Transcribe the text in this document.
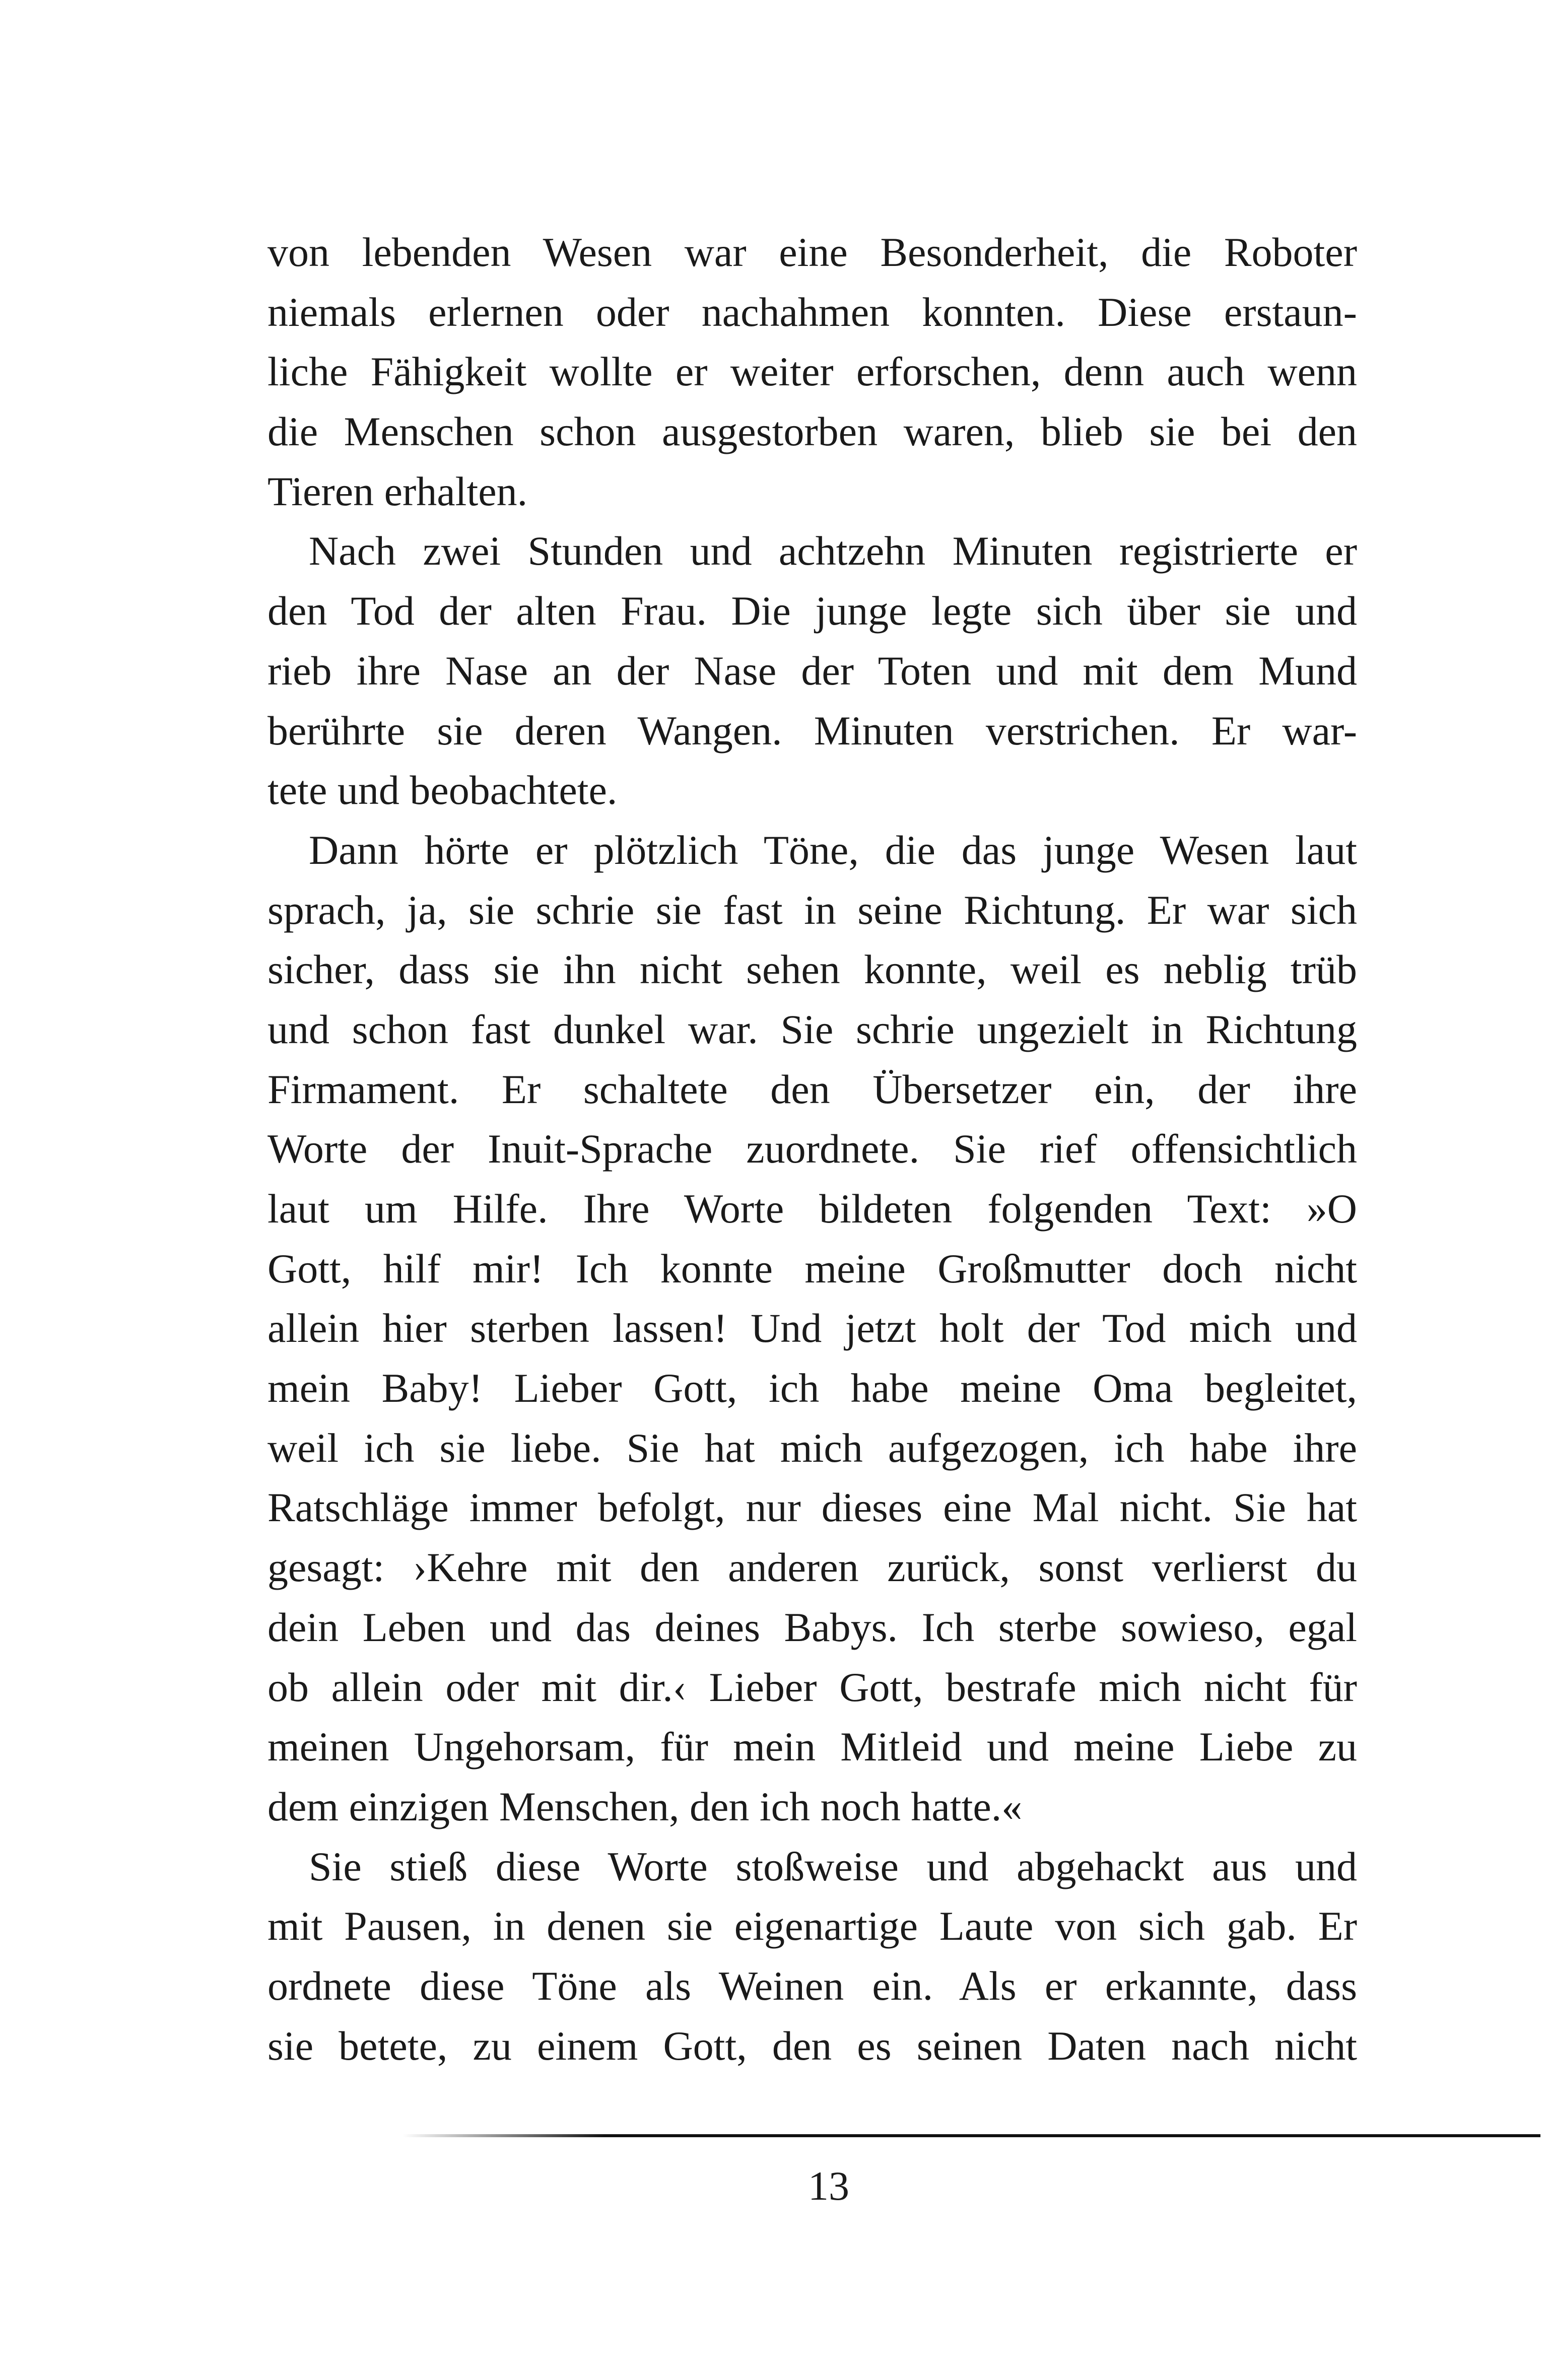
von lebenden Wesen war eine Besonderheit, die Roboter
niemals erlernen oder nachahmen konnten. Diese erstaun-
liche Fähigkeit wollte er weiter erforschen, denn auch wenn
die Menschen schon ausgestorben waren, blieb sie bei den
Tieren erhalten.
Nach zwei Stunden und achtzehn Minuten registrierte er
den Tod der alten Frau. Die junge legte sich über sie und
rieb ihre Nase an der Nase der Toten und mit dem Mund
berührte sie deren Wangen. Minuten verstrichen. Er war-
tete und beobachtete.
Dann hörte er plötzlich Töne, die das junge Wesen laut
sprach, ja, sie schrie sie fast in seine Richtung. Er war sich
sicher, dass sie ihn nicht sehen konnte, weil es neblig trüb
und schon fast dunkel war. Sie schrie ungezielt in Richtung
Firmament. Er schaltete den Übersetzer ein, der ihre
Worte der Inuit-Sprache zuordnete. Sie rief offensichtlich
laut um Hilfe. Ihre Worte bildeten folgenden Text: »O
Gott, hilf mir! Ich konnte meine Großmutter doch nicht
allein hier sterben lassen! Und jetzt holt der Tod mich und
mein Baby! Lieber Gott, ich habe meine Oma begleitet,
weil ich sie liebe. Sie hat mich aufgezogen, ich habe ihre
Ratschläge immer befolgt, nur dieses eine Mal nicht. Sie hat
gesagt: ›Kehre mit den anderen zurück, sonst verlierst du
dein Leben und das deines Babys. Ich sterbe sowieso, egal
ob allein oder mit dir.‹ Lieber Gott, bestrafe mich nicht für
meinen Ungehorsam, für mein Mitleid und meine Liebe zu
dem einzigen Menschen, den ich noch hatte.«
Sie stieß diese Worte stoßweise und abgehackt aus und
mit Pausen, in denen sie eigenartige Laute von sich gab. Er
ordnete diese Töne als Weinen ein. Als er erkannte, dass
sie betete, zu einem Gott, den es seinen Daten nach nicht
13
